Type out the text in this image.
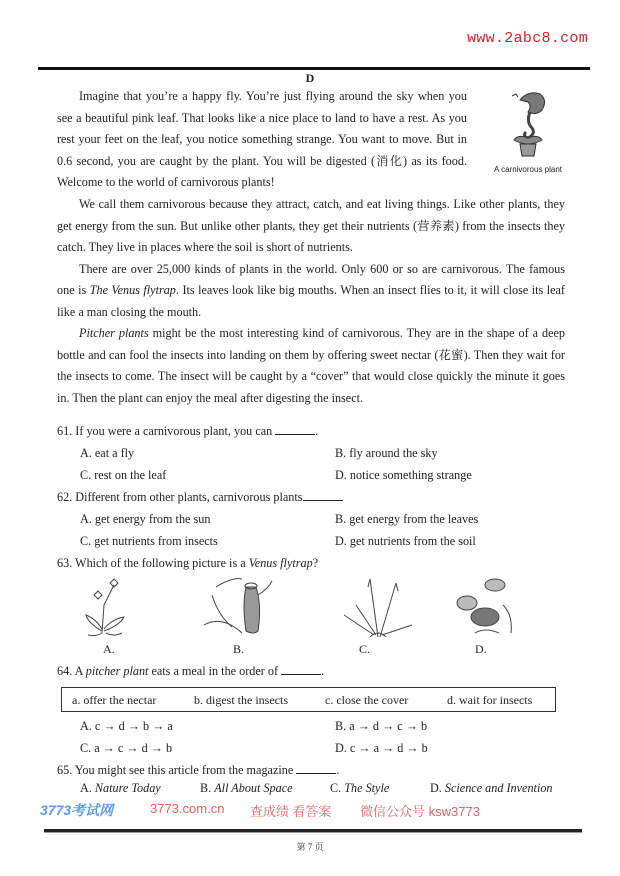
www.2abc8.com
D

Imagine that you’re a happy fly. You’re just flying around the sky when you see a beautiful pink leaf. That looks like a nice place to land to have a rest. As you rest your feet on the leaf, you notice something strange. You want to move. But in 0.6 second, you are caught by the plant. You will be digested (消化) as its food. Welcome to the world of carnivorous plants!

We call them carnivorous because they attract, catch, and eat living things. Like other plants, they get energy from the sun. But unlike other plants, they get their nutrients (营养素) from the insects they catch. They live in places where the soil is short of nutrients.

There are over 25,000 kinds of plants in the world. Only 600 or so are carnivorous. The famous one is The Venus flytrap. Its leaves look like big mouths. When an insect flies to it, it will close its leaf like a man closing the mouth.

Pitcher plants might be the most interesting kind of carnivorous. They are in the shape of a deep bottle and can fool the insects into landing on them by offering sweet nectar (花蜜). Then they wait for the insects to come. The insect will be caught by a “cover” that would close quickly the minute it goes in. Then the plant can enjoy the meal after digesting the insect.

A carnivorous plant
3773考试网	3773.com.cn 查成绩 看答案 微信公众号 ksw3773
61. If you were a carnivorous plant, you can	.
A. eat a fly	B. fly around the sky
C. rest on the leaf	D. notice something strange
62. Different from other plants, carnivorous plants
A. get energy from the sun	B. get energy from the leaves
C. get nutrients from insects	D. get nutrients from the soil
63. Which of the following picture is a Venus flytrap?
A.	B.	C.	D.
64. A pitcher plant eats a meal in the order of	.
a. offer the nectar	b. digest the insects	c. close the cover	d. wait for insects
A. c → d → b → a	B. a → d → c → b
C. a → c → d → b	D. c → a → d → b
65. You might see this article from the magazine	.
A. Nature Today	B. All About Space	C. The Style	D. Science and Invention
第 7 页
